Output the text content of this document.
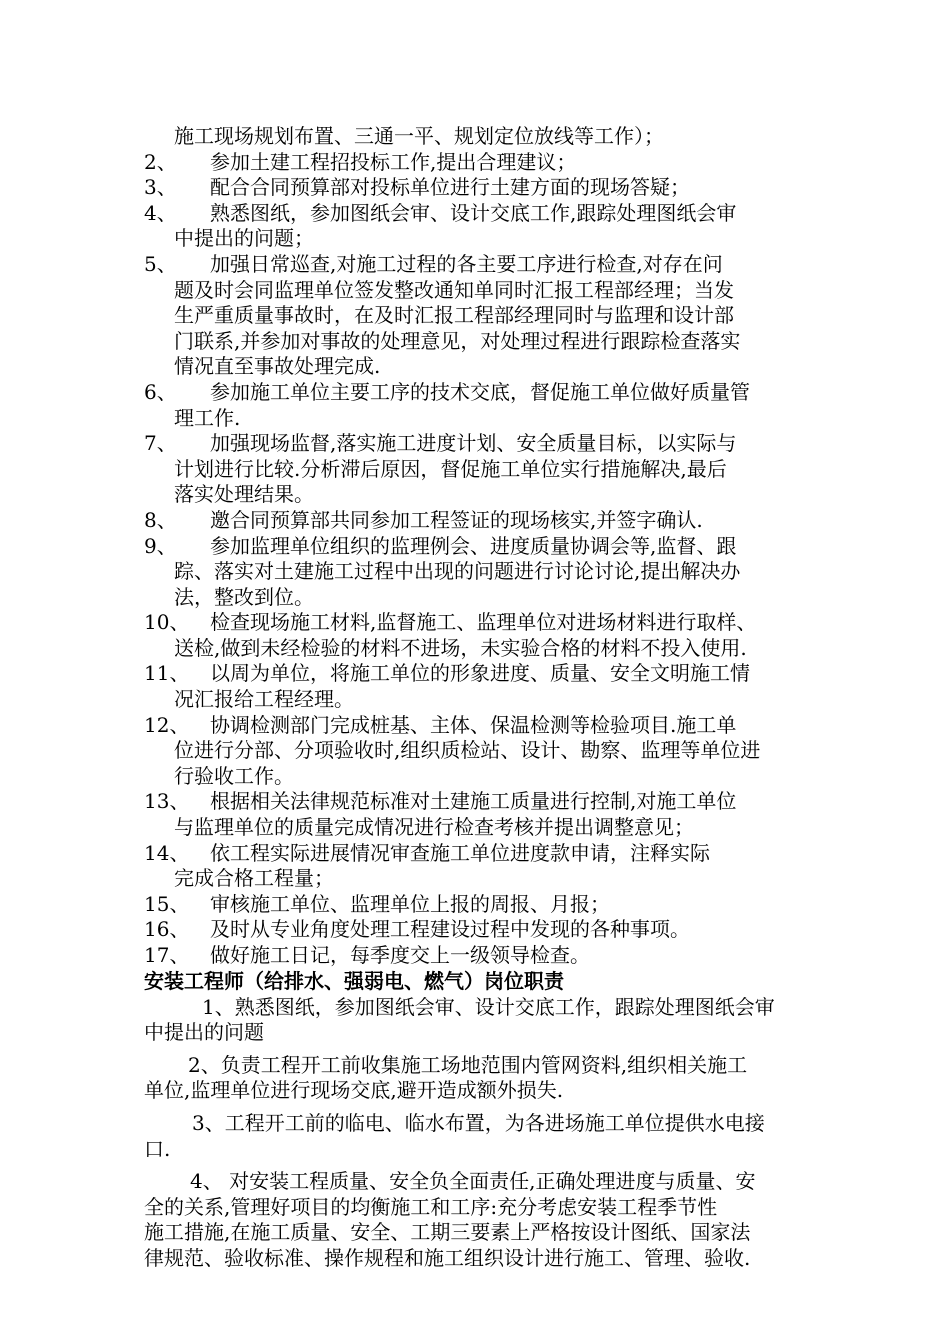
施工现场规划布置、三通一平、规划定位放线等工作）；
2、	参加土建工程招投标工作,提出合理建议；
3、	配合合同预算部对投标单位进行土建方面的现场答疑；
4、	熟悉图纸，参加图纸会审、设计交底工作,跟踪处理图纸会审
中提出的问题；
5、	加强日常巡查,对施工过程的各主要工序进行检查,对存在问
题及时会同监理单位签发整改通知单同时汇报工程部经理；当发
生严重质量事故时，在及时汇报工程部经理同时与监理和设计部
门联系,并参加对事故的处理意见，对处理过程进行跟踪检查落实
情况直至事故处理完成.
6、	参加施工单位主要工序的技术交底，督促施工单位做好质量管
理工作.
7、	加强现场监督,落实施工进度计划、安全质量目标，以实际与
计划进行比较.分析滞后原因，督促施工单位实行措施解决,最后
落实处理结果。
8、	邀合同预算部共同参加工程签证的现场核实,并签字确认.
9、	参加监理单位组织的监理例会、进度质量协调会等,监督、跟
踪、落实对土建施工过程中出现的问题进行讨论讨论,提出解决办
法，整改到位。
10、	检查现场施工材料,监督施工、监理单位对进场材料进行取样、
送检,做到未经检验的材料不进场，未实验合格的材料不投入使用.
11、	以周为单位，将施工单位的形象进度、质量、安全文明施工情
况汇报给工程经理。
12、	协调检测部门完成桩基、主体、保温检测等检验项目.施工单
位进行分部、分项验收时,组织质检站、设计、勘察、监理等单位进
行验收工作。
13、	根据相关法律规范标准对土建施工质量进行控制,对施工单位
与监理单位的质量完成情况进行检查考核并提出调整意见；
14、	依工程实际进展情况审查施工单位进度款申请，注释实际
完成合格工程量；
15、	审核施工单位、监理单位上报的周报、月报；
16、	及时从专业角度处理工程建设过程中发现的各种事项。
17、	做好施工日记，每季度交上一级领导检查。
安装工程师（给排水、强弱电、燃气）岗位职责
1、熟悉图纸，参加图纸会审、设计交底工作，跟踪处理图纸会审
中提出的问题
2、负责工程开工前收集施工场地范围内管网资料,组织相关施工
单位,监理单位进行现场交底,避开造成额外损失.
3、工程开工前的临电、临水布置，为各进场施工单位提供水电接
口.
4、 对安装工程质量、安全负全面责任,正确处理进度与质量、安
全的关系,管理好项目的均衡施工和工序:充分考虑安装工程季节性
施工措施,在施工质量、安全、工期三要素上严格按设计图纸、国家法
律规范、验收标准、操作规程和施工组织设计进行施工、管理、验收.
